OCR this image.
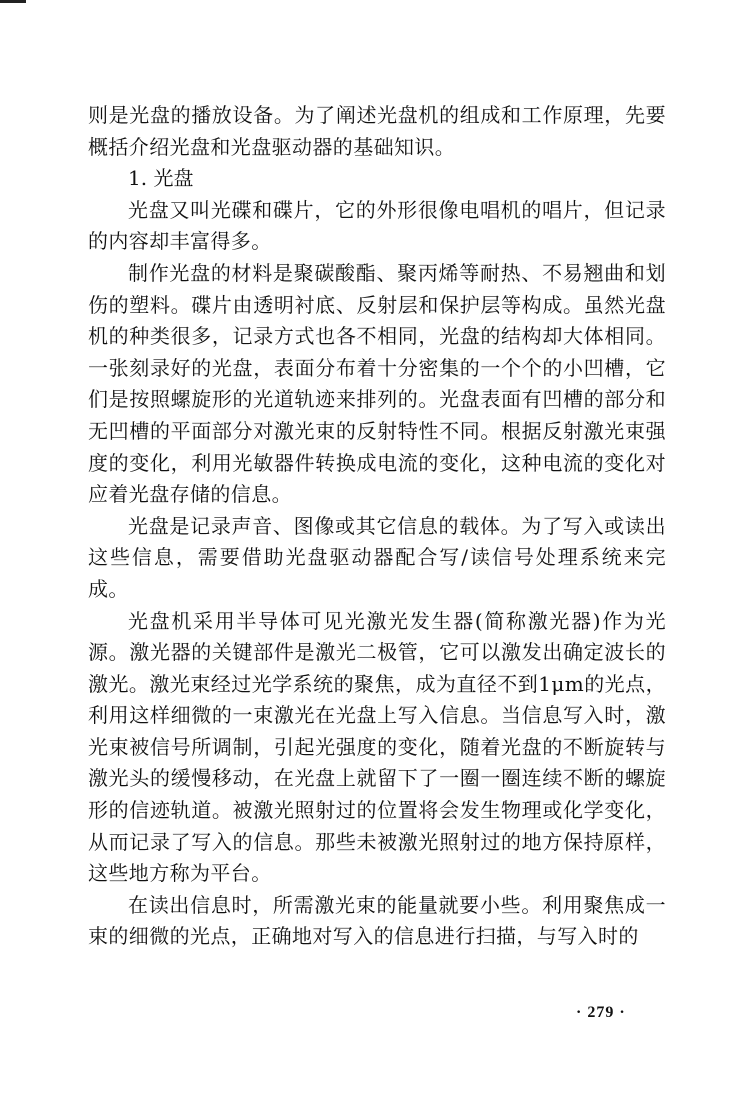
则是光盘的播放设备。为了阐述光盘机的组成和工作原理，先要概括介绍光盘和光盘驱动器的基础知识。

1. 光盘

光盘又叫光碟和碟片，它的外形很像电唱机的唱片，但记录的内容却丰富得多。

制作光盘的材料是聚碳酸酯、聚丙烯等耐热、不易翘曲和划伤的塑料。碟片由透明衬底、反射层和保护层等构成。虽然光盘机的种类很多，记录方式也各不相同，光盘的结构却大体相同。一张刻录好的光盘，表面分布着十分密集的一个个的小凹槽，它们是按照螺旋形的光道轨迹来排列的。光盘表面有凹槽的部分和无凹槽的平面部分对激光束的反射特性不同。根据反射激光束强度的变化，利用光敏器件转换成电流的变化，这种电流的变化对应着光盘存储的信息。

光盘是记录声音、图像或其它信息的载体。为了写入或读出这些信息，需要借助光盘驱动器配合写/读信号处理系统来完成。

光盘机采用半导体可见光激光发生器(简称激光器)作为光源。激光器的关键部件是激光二极管，它可以激发出确定波长的激光。激光束经过光学系统的聚焦，成为直径不到1μm的光点，利用这样细微的一束激光在光盘上写入信息。当信息写入时，激光束被信号所调制，引起光强度的变化，随着光盘的不断旋转与激光头的缓慢移动，在光盘上就留下了一圈一圈连续不断的螺旋形的信迹轨道。被激光照射过的位置将会发生物理或化学变化，从而记录了写入的信息。那些未被激光照射过的地方保持原样，这些地方称为平台。

在读出信息时，所需激光束的能量就要小些。利用聚焦成一束的细微的光点，正确地对写入的信息进行扫描，与写入时的

· 279 ·
